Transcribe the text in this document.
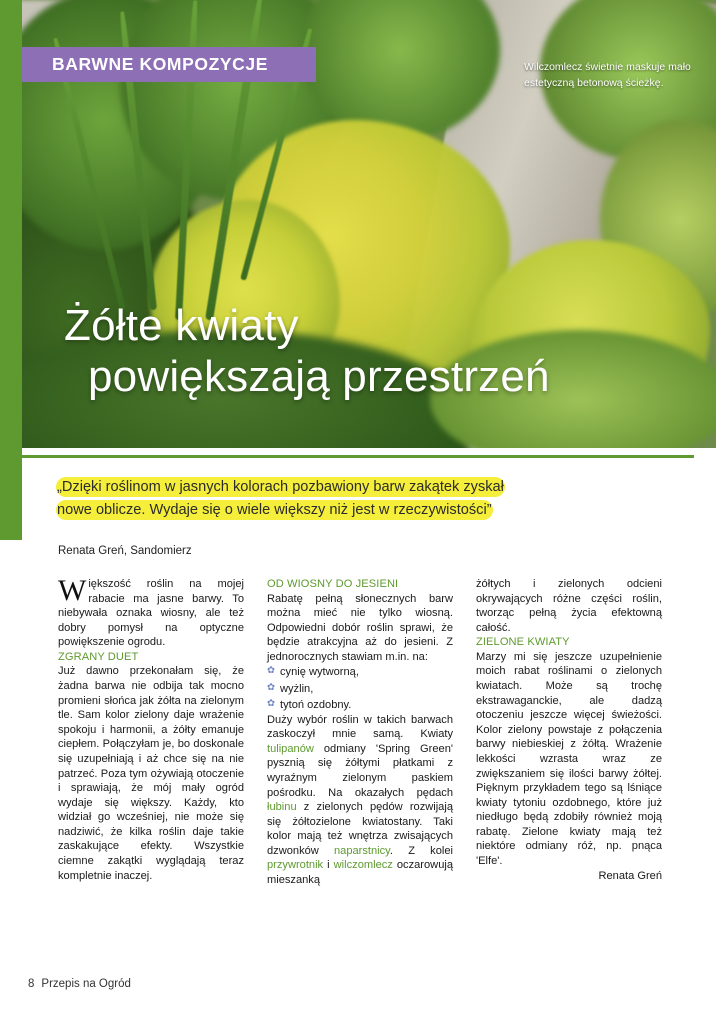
BARWNE KOMPOZYCJE	Wilczomlecz świetnie maskuje mało estetyczną betonową ścieżkę.
Żółte kwiaty
powiększają przestrzeń
„Dzięki roślinom w jasnych kolorach pozbawiony barw zakątek zyskał
nowe oblicze. Wydaje się o wiele większy niż jest w rzeczywistości”
Renata Greń, Sandomierz

Większość roślin na mojej rabacie ma jasne barwy. To niebywała oznaka wiosny, ale też dobry pomysł na optyczne powiększenie ogrodu.

ZGRANY DUET

Już dawno przekonałam się, że żadna barwa nie odbija tak mocno promieni słońca jak żółta na zielonym tle. Sam kolor zielony daje wrażenie spokoju i harmonii, a żółty emanuje ciepłem. Połączyłam je, bo doskonale się uzupełniają i aż chce się na nie patrzeć. Poza tym ożywiają otoczenie i sprawiają, że mój mały ogród wydaje się większy. Każdy, kto widział go wcześniej, nie może się nadziwić, że kilka roślin daje takie zaskakujące efekty. Wszystkie ciemne zakątki wyglądają teraz kompletnie inaczej.

OD WIOSNY DO JESIENI

Rabatę pełną słonecznych barw można mieć nie tylko wiosną. Odpowiedni dobór roślin sprawi, że będzie atrakcyjna aż do jesieni. Z jednorocznych stawiam m.in. na:

✿ cynię wytworną,
✿ wyżlin,
✿ tytoń ozdobny.

Duży wybór roślin w takich barwach zaskoczył mnie samą. Kwiaty tulipanów odmiany 'Spring Green' pysznią się żółtymi płatkami z wyraźnym zielonym paskiem pośrodku. Na okazałych pędach łubinu z zielonych pędów rozwijają się żółtozielone kwiatostany. Taki kolor mają też wnętrza zwisających dzwonków naparstnicy. Z kolei przywrotnik i wilczomlecz oczarowują mieszanką

żółtych i zielonych odcieni okrywających różne części roślin, tworząc pełną życia efektowną całość.

ZIELONE KWIATY

Marzy mi się jeszcze uzupełnienie moich rabat roślinami o zielonych kwiatach. Może są trochę ekstrawaganckie, ale dadzą otoczeniu jeszcze więcej świeżości. Kolor zielony powstaje z połączenia barwy niebieskiej z żółtą. Wrażenie lekkości wzrasta wraz ze zwiększaniem się ilości barwy żółtej. Pięknym przykładem tego są lśniące kwiaty tytoniu ozdobnego, które już niedługo będą zdobiły również moją rabatę. Zielone kwiaty mają też niektóre odmiany róż, np. pnąca 'Elfe'.

Renata Greń

8 Przepis na Ogród
